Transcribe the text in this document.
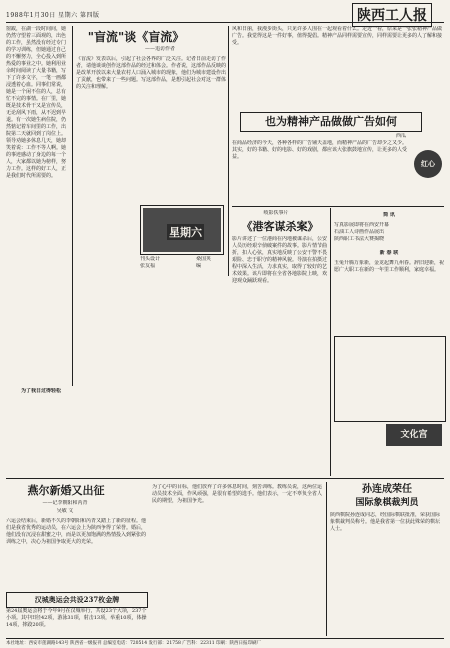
1988年1月30日 星期六 第四版	陕西工人报
窗跋，在湖一段时间间，她仍然守望着三面观的，出色的工作，虽然没有经过专门的学习训练，但她通过自己的不懈努力，全心投入到所热爱的事业之中。她利用业余时间阅读了大量书籍，写下了许多文字，一笔一画都浸透着心血。同事们常说，她是一个闲不住的人，总有忙不完的事情。在厂里，她既是技术骨干又是宣传员，无论刮风下雨，从不迟到早退。有一次她生病住院，仍然惦记着车间里的工作，出院第二天就回到了岗位上。领导劝她多休息几天，她却笑着说：工作不等人啊。她的事迹感动了身边的每一个人，大家都以她为榜样，努力工作。这样的好工人，正是我们时代所需要的。
为了我日过得轻松
"盲流"谈《盲流》
——追访作者
《盲流》发表以后，引起了社会各界的广泛关注。记者日前走访了作者，请他谈谈创作这部作品的经过和体会。作者说，这部作品反映的是改革开放以来大量农村人口涌入城市的现象，他们为城市建设作出了贡献，也带来了一些问题。写这部作品，是想引起社会对这一群体的关注和理解。
星期六
刊头设计
张友福
桑国英
编
风和日丽，我漫步街头，只见许多人围在一起观看着什么。走近一看，原来是一张张精神产品做广告。我觉得这是一件好事，值得提倡。精神产品同样需要宣传，同样需要让更多的人了解和接受。
也为精神产品做做广告如何
西瓜
红心
在商品经济的今天，各种各样的广告铺天盖地，而精神产品的广告却少之又少。其实，好的书籍、好的电影、好的戏剧，都应该大张旗鼓地宣传，让更多的人受益。
岐影佚事片
《港客谋杀案》
影片讲述了一位港商在内地被谋杀后，公安人员历经艰辛侦破案件的故事。影片情节曲折，扣人心弦，真实地反映了公安干警不畏艰险、忠于职守的精神风貌。导演在拍摄过程中深入生活，力求真实，取得了较好的艺术效果。该片即将在全省各地影院上映，欢迎观众踊跃观看。
简 讯
写真影展即将在西安开幕
石油工人诗画作品展出
陕西职工书法大赛揭晓
新 春 联
玉兔升腾万象新，金龙起舞九州春。辞旧迎新，祝愿广大职工在新的一年里工作顺利，家庭幸福。
文化宫
燕尔新婚又出征
——记李朝阳和芮青
吴敏 文
六运会结束后，新婚不久的李朝阳和芮青又踏上了新的征程。他们是我省优秀的运动员，在六运会上为陕西争得了荣誉。婚后，他们没有沉浸在甜蜜之中，而是以更加饱满的热情投入到紧张的训练之中，决心为祖国争取更大的光荣。
汉城奥运会共设237枚金牌
第24届奥运会将于今年9月在汉城举行，共设23个大项，237个小项。其中田径42项，游泳31项，射击13项，举重10项，体操14项，摔跤20项。
为了心中的目标，他们放弃了许多休息时间，刻苦训练。教练员说，这两位运动员技术全面，作风顽强，是很有希望的选手。他们表示，一定不辜负全省人民的期望，为祖国争光。
孙连成荣任
国际象棋裁判员
陕西棋院孙连成同志，经国际棋联批准，荣获国际象棋裁判员称号。他是我省第一位获此殊荣的棋坛人士。
本社地址：西安市莲湖路143号 陕西省一级报刊 总编室电话：720514 发行部：21758 广告科：22311 印刷：陕西日报印刷厂
